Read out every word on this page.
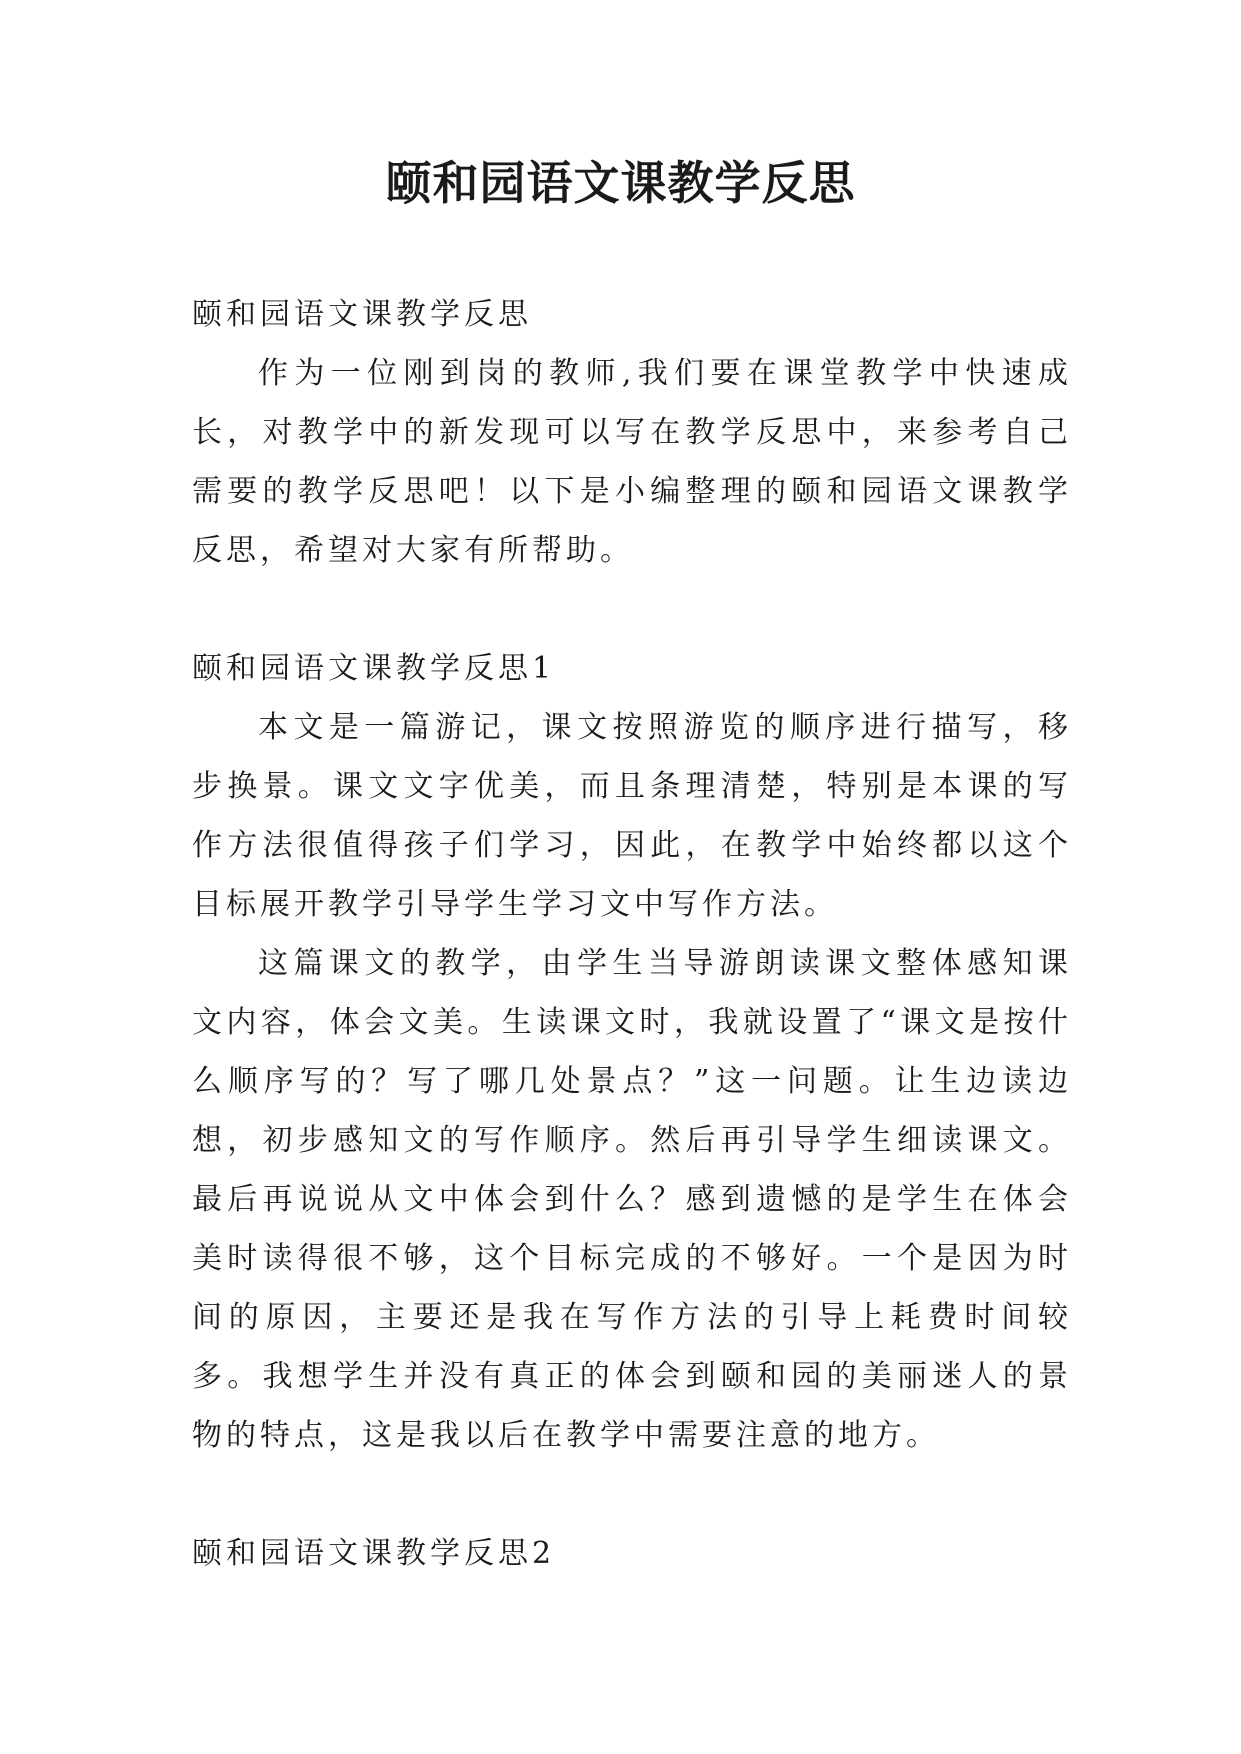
颐和园语文课教学反思
颐和园语文课教学反思

作为一位刚到岗的教师,我们要在课堂教学中快速成长，对教学中的新发现可以写在教学反思中，来参考自己需要的教学反思吧！以下是小编整理的颐和园语文课教学反思，希望对大家有所帮助。

颐和园语文课教学反思1

本文是一篇游记，课文按照游览的顺序进行描写，移步换景。课文文字优美，而且条理清楚，特别是本课的写作方法很值得孩子们学习，因此，在教学中始终都以这个目标展开教学引导学生学习文中写作方法。

这篇课文的教学，由学生当导游朗读课文整体感知课文内容，体会文美。生读课文时，我就设置了“课文是按什么顺序写的？写了哪几处景点？”这一问题。让生边读边想，初步感知文的写作顺序。然后再引导学生细读课文。最后再说说从文中体会到什么？感到遗憾的是学生在体会美时读得很不够，这个目标完成的不够好。一个是因为时间的原因，主要还是我在写作方法的引导上耗费时间较多。我想学生并没有真正的体会到颐和园的美丽迷人的景物的特点，这是我以后在教学中需要注意的地方。

颐和园语文课教学反思2
